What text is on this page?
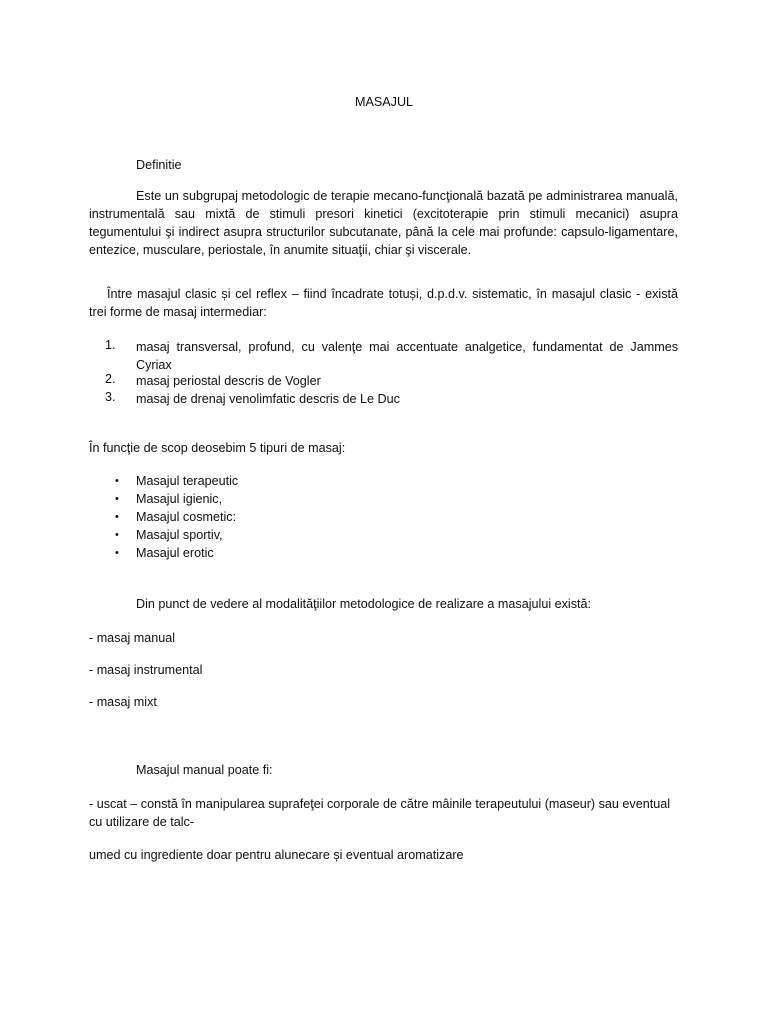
MASAJUL
Definitie
Este un subgrupaj metodologic de terapie mecano-funcţională bazată pe administrarea manuală, instrumentală sau mixtă de stimuli presori kinetici (excitoterapie prin stimuli mecanici) asupra tegumentului şi indirect asupra structurilor subcutanate, până la cele mai profunde: capsulo-ligamentare, entezice, musculare, periostale, în anumite situaţii, chiar şi viscerale.
Între masajul clasic și cel reflex – fiind încadrate totuși, d.p.d.v. sistematic, în masajul clasic - există trei forme de masaj intermediar:
1. masaj transversal, profund, cu valenţe mai accentuate analgetice, fundamentat de Jammes Cyriax
2. masaj periostal descris de Vogler
3. masaj de drenaj venolimfatic descris de Le Duc
În funcţie de scop deosebim 5 tipuri de masaj:
• Masajul terapeutic
• Masajul igienic,
• Masajul cosmetic:
• Masajul sportiv,
• Masajul erotic
Din punct de vedere al modalităţiilor metodologice de realizare a masajului există:
- masaj manual
- masaj instrumental
- masaj mixt
Masajul manual poate fi:
- uscat – constă în manipularea suprafeţei corporale de către mâinile terapeutului (maseur) sau eventual cu utilizare de talc-
umed cu ingrediente doar pentru alunecare și eventual aromatizare
